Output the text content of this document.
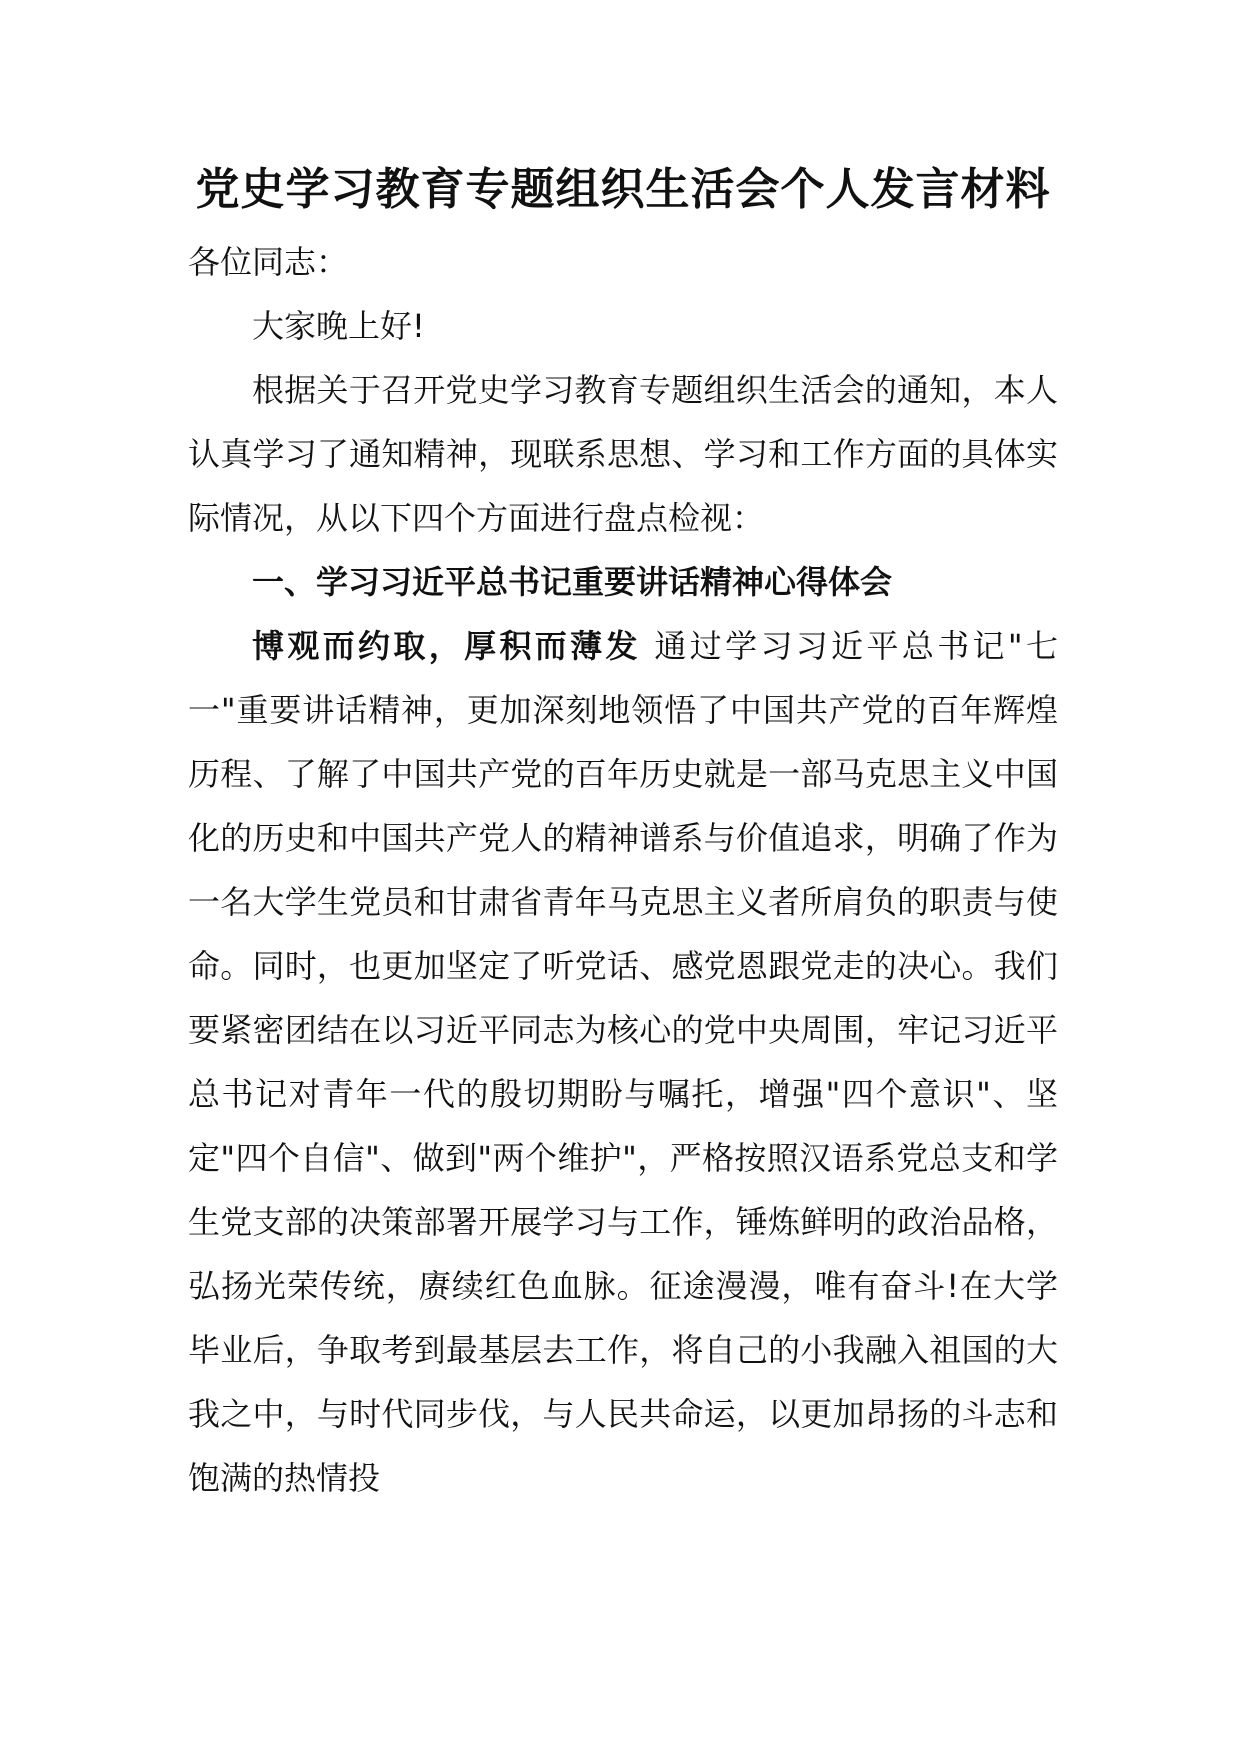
党史学习教育专题组织生活会个人发言材料

各位同志：

大家晚上好!

根据关于召开党史学习教育专题组织生活会的通知，本人认真学习了通知精神，现联系思想、学习和工作方面的具体实际情况，从以下四个方面进行盘点检视：

一、学习习近平总书记重要讲话精神心得体会

博观而约取，厚积而薄发 通过学习习近平总书记"七一"重要讲话精神，更加深刻地领悟了中国共产党的百年辉煌历程、了解了中国共产党的百年历史就是一部马克思主义中国化的历史和中国共产党人的精神谱系与价值追求，明确了作为一名大学生党员和甘肃省青年马克思主义者所肩负的职责与使命。同时，也更加坚定了听党话、感党恩跟党走的决心。我们要紧密团结在以习近平同志为核心的党中央周围，牢记习近平总书记对青年一代的殷切期盼与嘱托，增强"四个意识"、坚定"四个自信"、做到"两个维护"，严格按照汉语系党总支和学生党支部的决策部署开展学习与工作，锤炼鲜明的政治品格，弘扬光荣传统，赓续红色血脉。征途漫漫，唯有奋斗!在大学毕业后，争取考到最基层去工作，将自己的小我融入祖国的大我之中，与时代同步伐，与人民共命运，以更加昂扬的斗志和饱满的热情投
